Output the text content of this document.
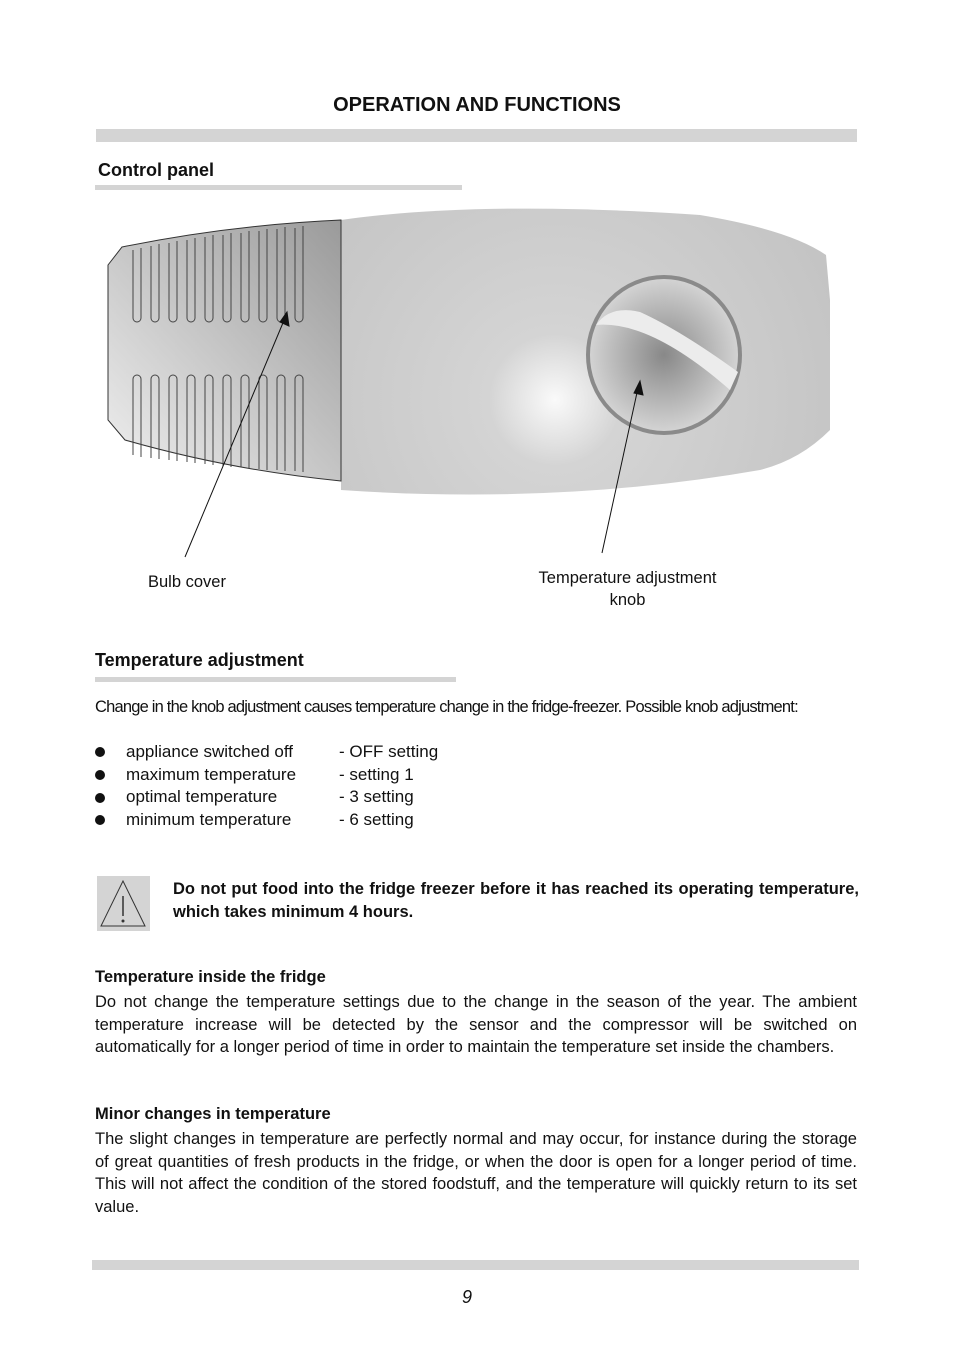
OPERATION AND FUNCTIONS
Control panel
Bulb cover	Temperature adjustment
knob
Temperature adjustment
Change in the knob adjustment causes temperature change in the fridge-freezer. Possible knob adjustment:
appliance switched off	- OFF setting
maximum temperature	- setting 1
optimal temperature	- 3 setting
minimum temperature	- 6 setting
Do not put food into the fridge freezer before it has reached its operating temperature, which takes minimum 4 hours.
Temperature inside the fridge
Do not change the temperature settings due to the change in the season of the year. The ambient temperature increase will be detected by the sensor and the compressor will be switched on automatically for a longer period of time in order to maintain the temperature set inside the chambers.
Minor changes in temperature
The slight changes in temperature are perfectly normal and may occur, for instance during the storage of great quantities of fresh products in the fridge, or when the door is open for a longer period of time. This will not affect the condition of the stored foodstuff, and the temperature will quickly return to its set value.
9
